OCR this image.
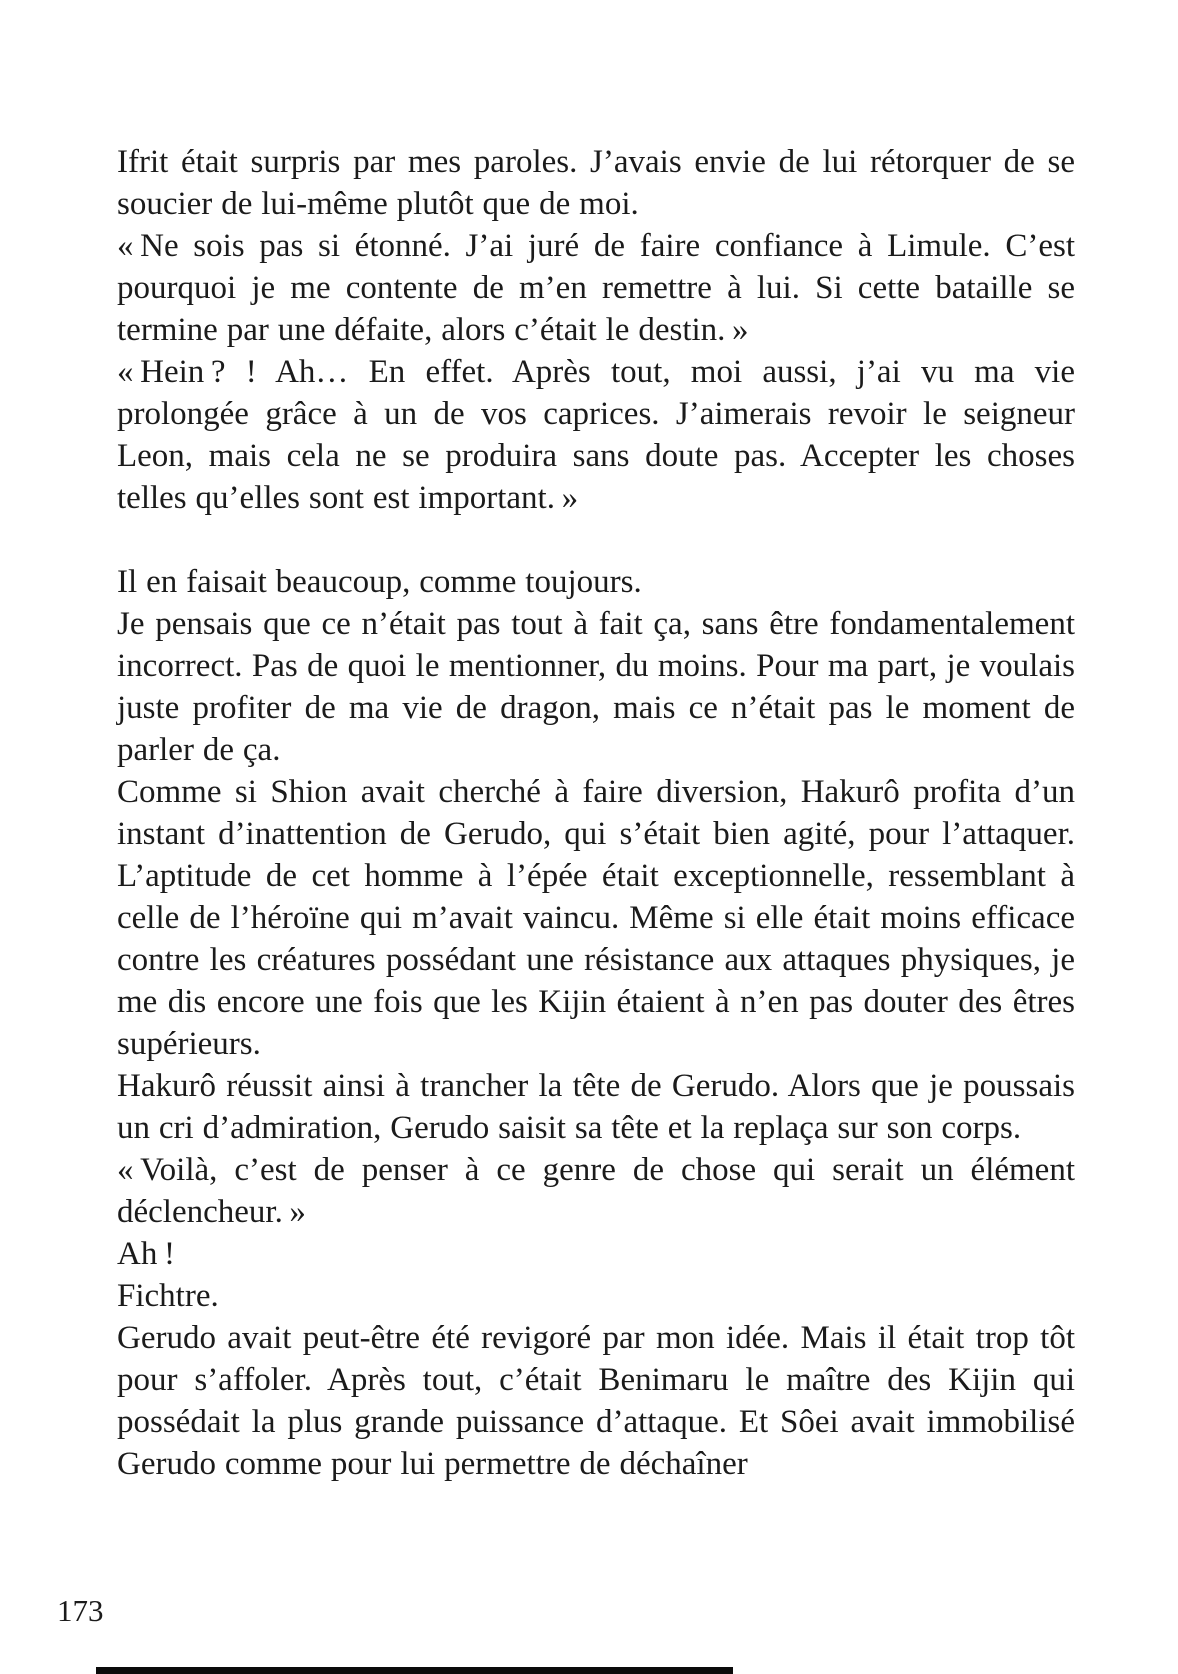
Ifrit était surpris par mes paroles. J’avais envie de lui rétorquer de se soucier de lui-même plutôt que de moi.

« Ne sois pas si étonné. J’ai juré de faire confiance à Limule. C’est pourquoi je me contente de m’en remettre à lui. Si cette bataille se termine par une défaite, alors c’était le destin. »

« Hein ? ! Ah… En effet. Après tout, moi aussi, j’ai vu ma vie prolongée grâce à un de vos caprices. J’aimerais revoir le seigneur Leon, mais cela ne se produira sans doute pas. Accepter les choses telles qu’elles sont est important. »

Il en faisait beaucoup, comme toujours.

Je pensais que ce n’était pas tout à fait ça, sans être fondamentalement incorrect. Pas de quoi le mentionner, du moins. Pour ma part, je voulais juste profiter de ma vie de dragon, mais ce n’était pas le moment de parler de ça.

Comme si Shion avait cherché à faire diversion, Hakurô profita d’un instant d’inattention de Gerudo, qui s’était bien agité, pour l’attaquer. L’aptitude de cet homme à l’épée était exceptionnelle, ressemblant à celle de l’héroïne qui m’avait vaincu. Même si elle était moins efficace contre les créatures possédant une résistance aux attaques physiques, je me dis encore une fois que les Kijin étaient à n’en pas douter des êtres supérieurs.

Hakurô réussit ainsi à trancher la tête de Gerudo. Alors que je poussais un cri d’admiration, Gerudo saisit sa tête et la replaça sur son corps.

« Voilà, c’est de penser à ce genre de chose qui serait un élément déclencheur. »

Ah !

Fichtre.

Gerudo avait peut-être été revigoré par mon idée. Mais il était trop tôt pour s’affoler. Après tout, c’était Benimaru le maître des Kijin qui possédait la plus grande puissance d’attaque. Et Sôei avait immobilisé Gerudo comme pour lui permettre de déchaîner

173
